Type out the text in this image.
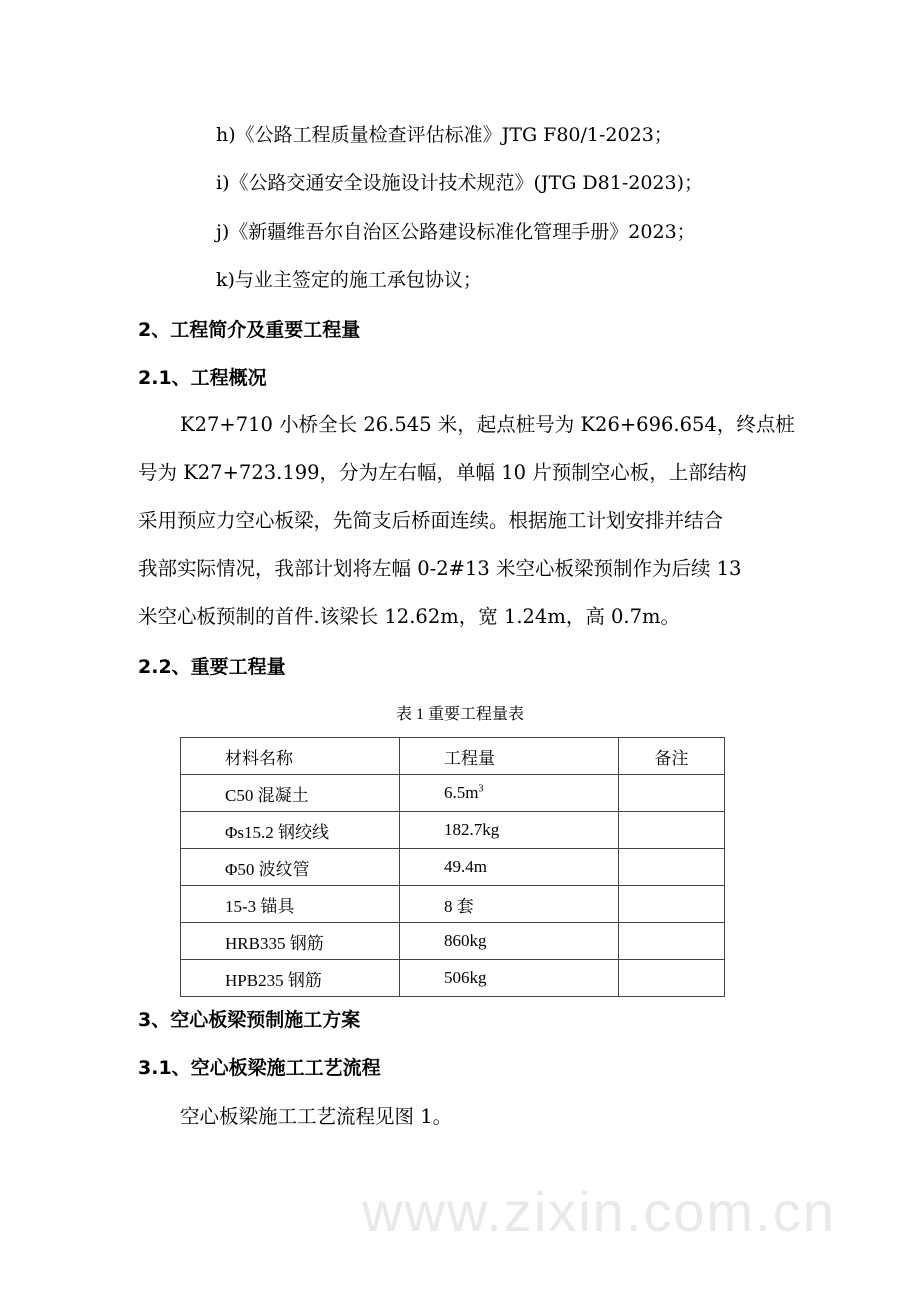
h)《公路工程质量检查评估标准》JTG F80/1-2023；
i)《公路交通安全设施设计技术规范》(JTG D81-2023)；
j)《新疆维吾尔自治区公路建设标准化管理手册》2023；
k)与业主签定的施工承包协议；
2、工程简介及重要工程量
2.1、工程概况
K27+710 小桥全长 26.545 米，起点桩号为 K26+696.654，终点桩
号为 K27+723.199，分为左右幅，单幅 10 片预制空心板，上部结构
采用预应力空心板梁，先简支后桥面连续。根据施工计划安排并结合
我部实际情况，我部计划将左幅 0-2#13 米空心板梁预制作为后续 13
米空心板预制的首件.该梁长 12.62m，宽 1.24m，高 0.7m。
2.2、重要工程量
表 1 重要工程量表
材料名称	工程量	备注
C50 混凝土	$6.5m^3$	
Φs15.2 钢绞线	182.7kg	
Φ50 波纹管	49.4m	
15-3 锚具	8 套	
HRB335 钢筋	860kg	
HPB235 钢筋	506kg	
3、空心板梁预制施工方案
3.1、空心板梁施工工艺流程
空心板梁施工工艺流程见图 1。
www.zixin.com.cn
